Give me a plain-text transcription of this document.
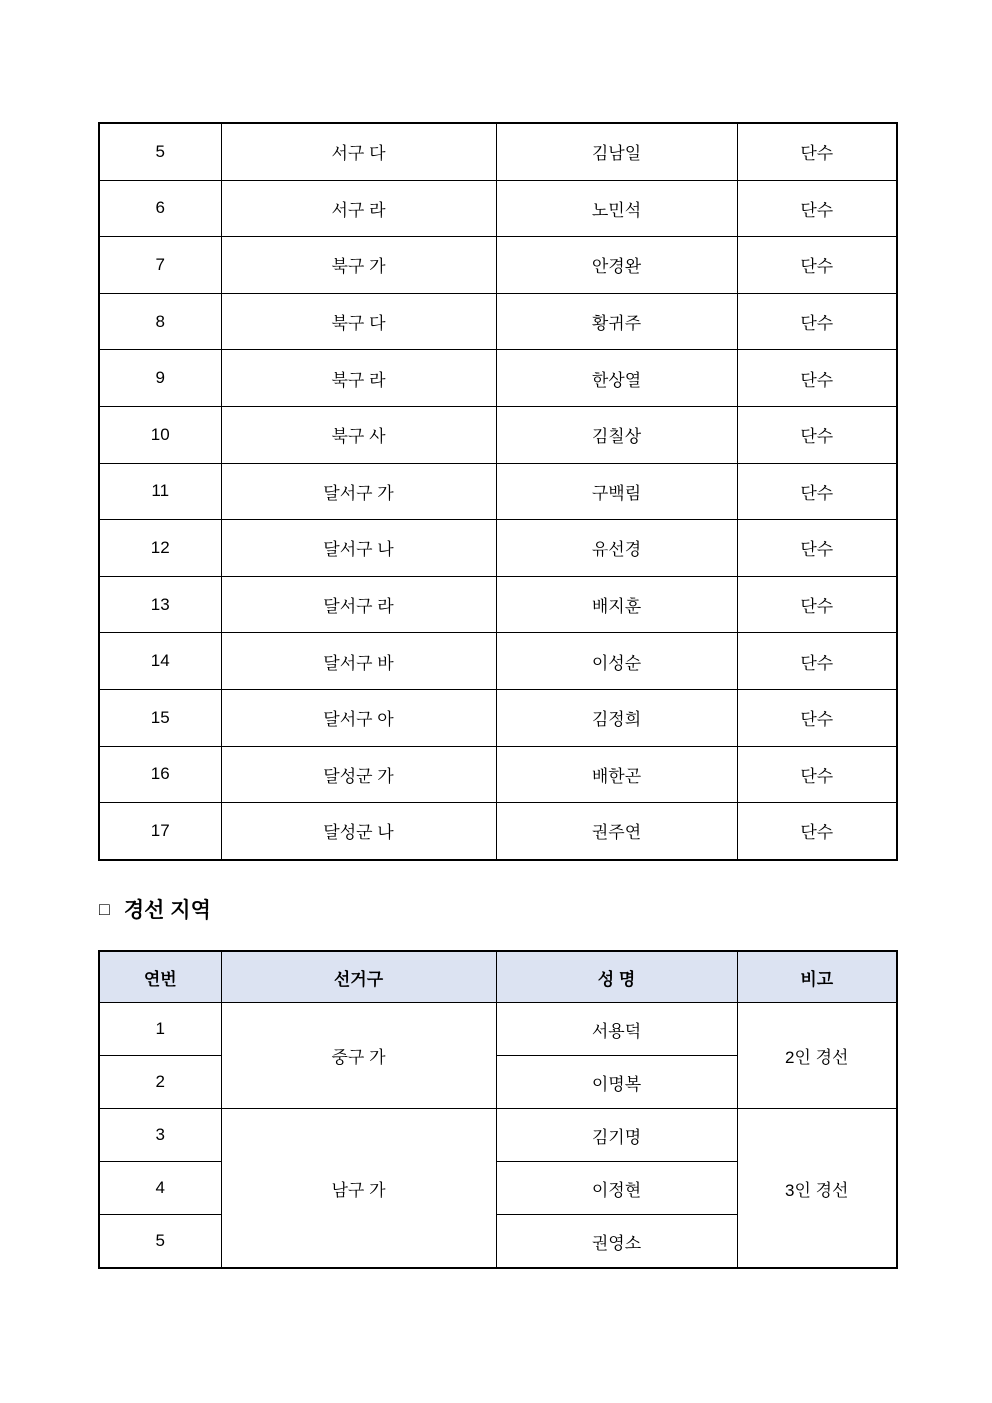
5	서구 다	김남일	단수
6	서구 라	노민석	단수
7	북구 가	안경완	단수
8	북구 다	황귀주	단수
9	북구 라	한상열	단수
10	북구 사	김칠상	단수
11	달서구 가	구백림	단수
12	달서구 나	유선경	단수
13	달서구 라	배지훈	단수
14	달서구 바	이성순	단수
15	달서구 아	김정희	단수
16	달성군 가	배한곤	단수
17	달성군 나	권주연	단수
□ 경선 지역
연번	선거구	성 명	비고
1	중구 가	서용덕	2인 경선
2		이명복	
3	남구 가	김기명	3인 경선
4		이정현	
5		권영소	
